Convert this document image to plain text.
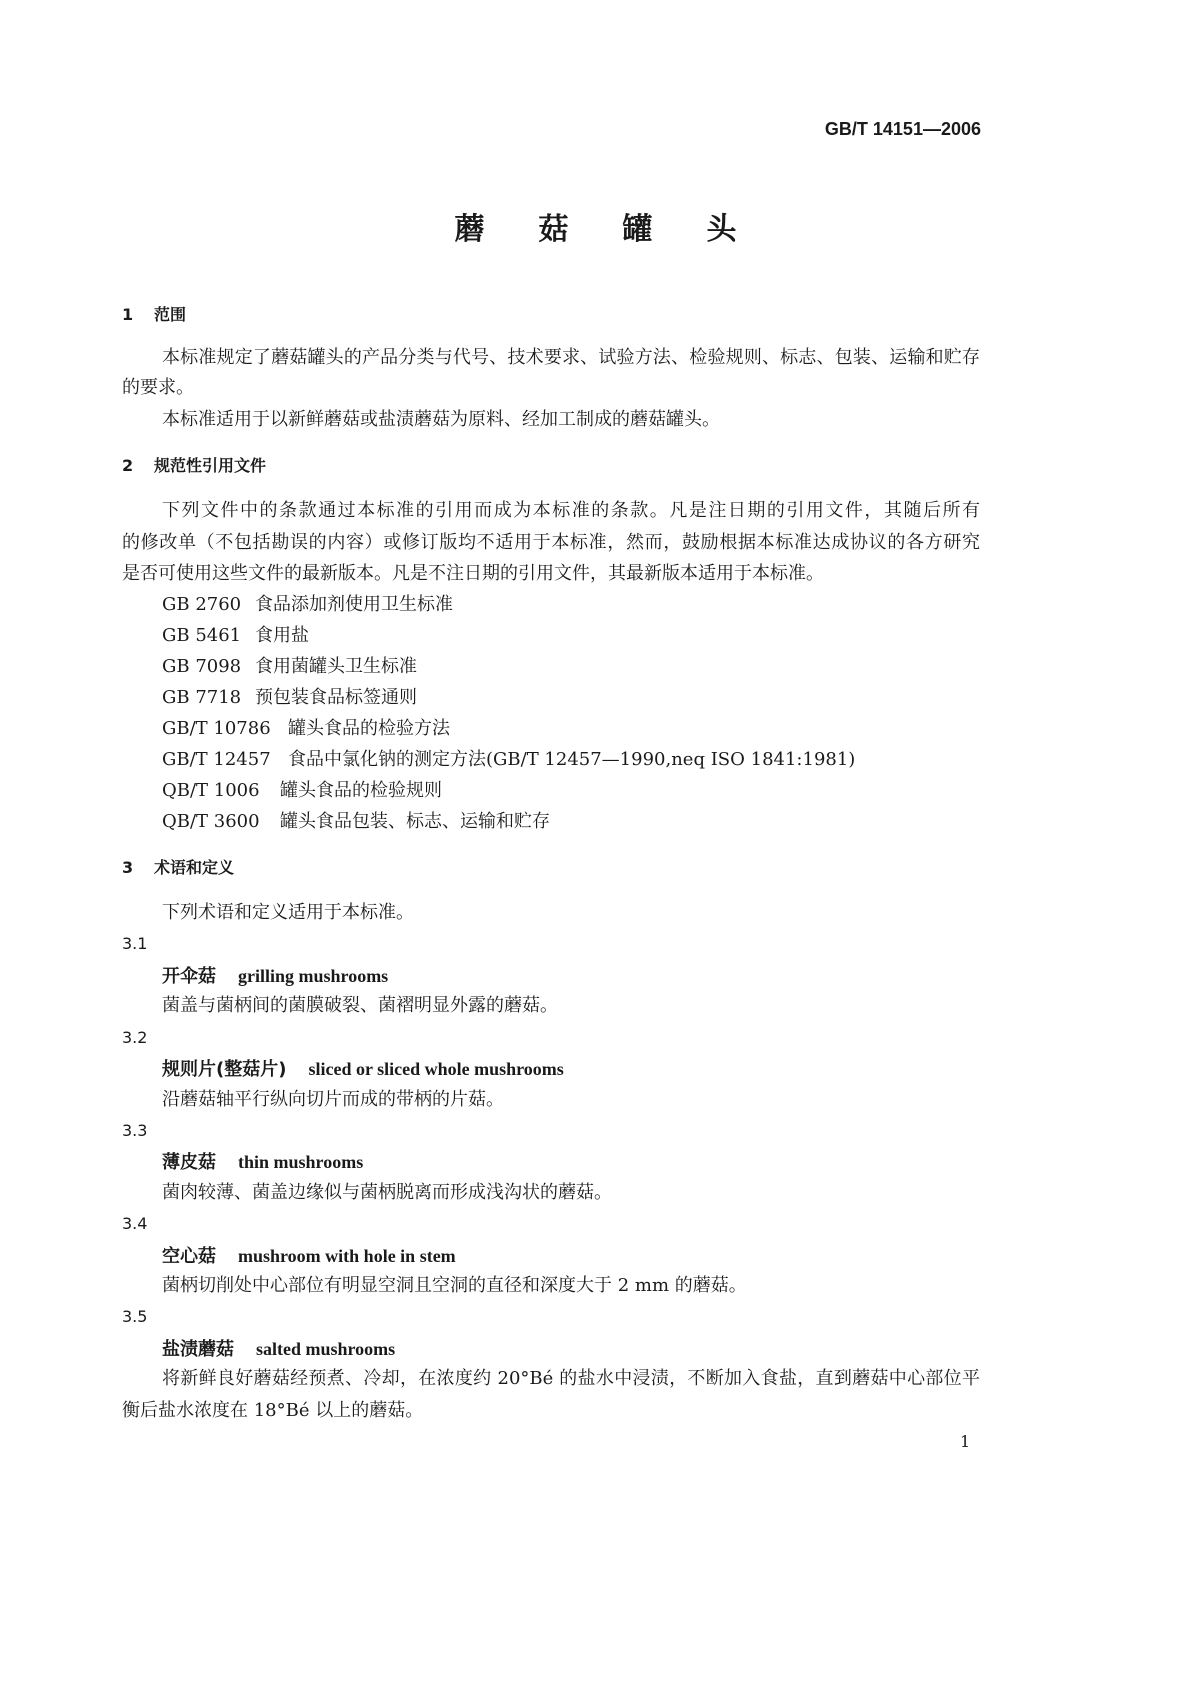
GB/T 14151—2006
蘑菇罐头
1 范围
本标准规定了蘑菇罐头的产品分类与代号、技术要求、试验方法、检验规则、标志、包装、运输和贮存
的要求。
本标准适用于以新鲜蘑菇或盐渍蘑菇为原料、经加工制成的蘑菇罐头。
2 规范性引用文件
下列文件中的条款通过本标准的引用而成为本标准的条款。凡是注日期的引用文件，其随后所有
的修改单（不包括勘误的内容）或修订版均不适用于本标准，然而，鼓励根据本标准达成协议的各方研究
是否可使用这些文件的最新版本。凡是不注日期的引用文件，其最新版本适用于本标准。
GB 2760 食品添加剂使用卫生标准
GB 5461 食用盐
GB 7098 食用菌罐头卫生标准
GB 7718 预包装食品标签通则
GB/T 10786 罐头食品的检验方法
GB/T 12457 食品中氯化钠的测定方法(GB/T 12457—1990,neq ISO 1841:1981)
QB/T 1006 罐头食品的检验规则
QB/T 3600 罐头食品包装、标志、运输和贮存
3 术语和定义
下列术语和定义适用于本标准。
3.1
开伞菇 grilling mushrooms
菌盖与菌柄间的菌膜破裂、菌褶明显外露的蘑菇。
3.2
规则片(整菇片) sliced or sliced whole mushrooms
沿蘑菇轴平行纵向切片而成的带柄的片菇。
3.3
薄皮菇 thin mushrooms
菌肉较薄、菌盖边缘似与菌柄脱离而形成浅沟状的蘑菇。
3.4
空心菇 mushroom with hole in stem
菌柄切削处中心部位有明显空洞且空洞的直径和深度大于 2 mm 的蘑菇。
3.5
盐渍蘑菇 salted mushrooms
将新鲜良好蘑菇经预煮、冷却，在浓度约 20°Bé 的盐水中浸渍，不断加入食盐，直到蘑菇中心部位平
衡后盐水浓度在 18°Bé 以上的蘑菇。
1
